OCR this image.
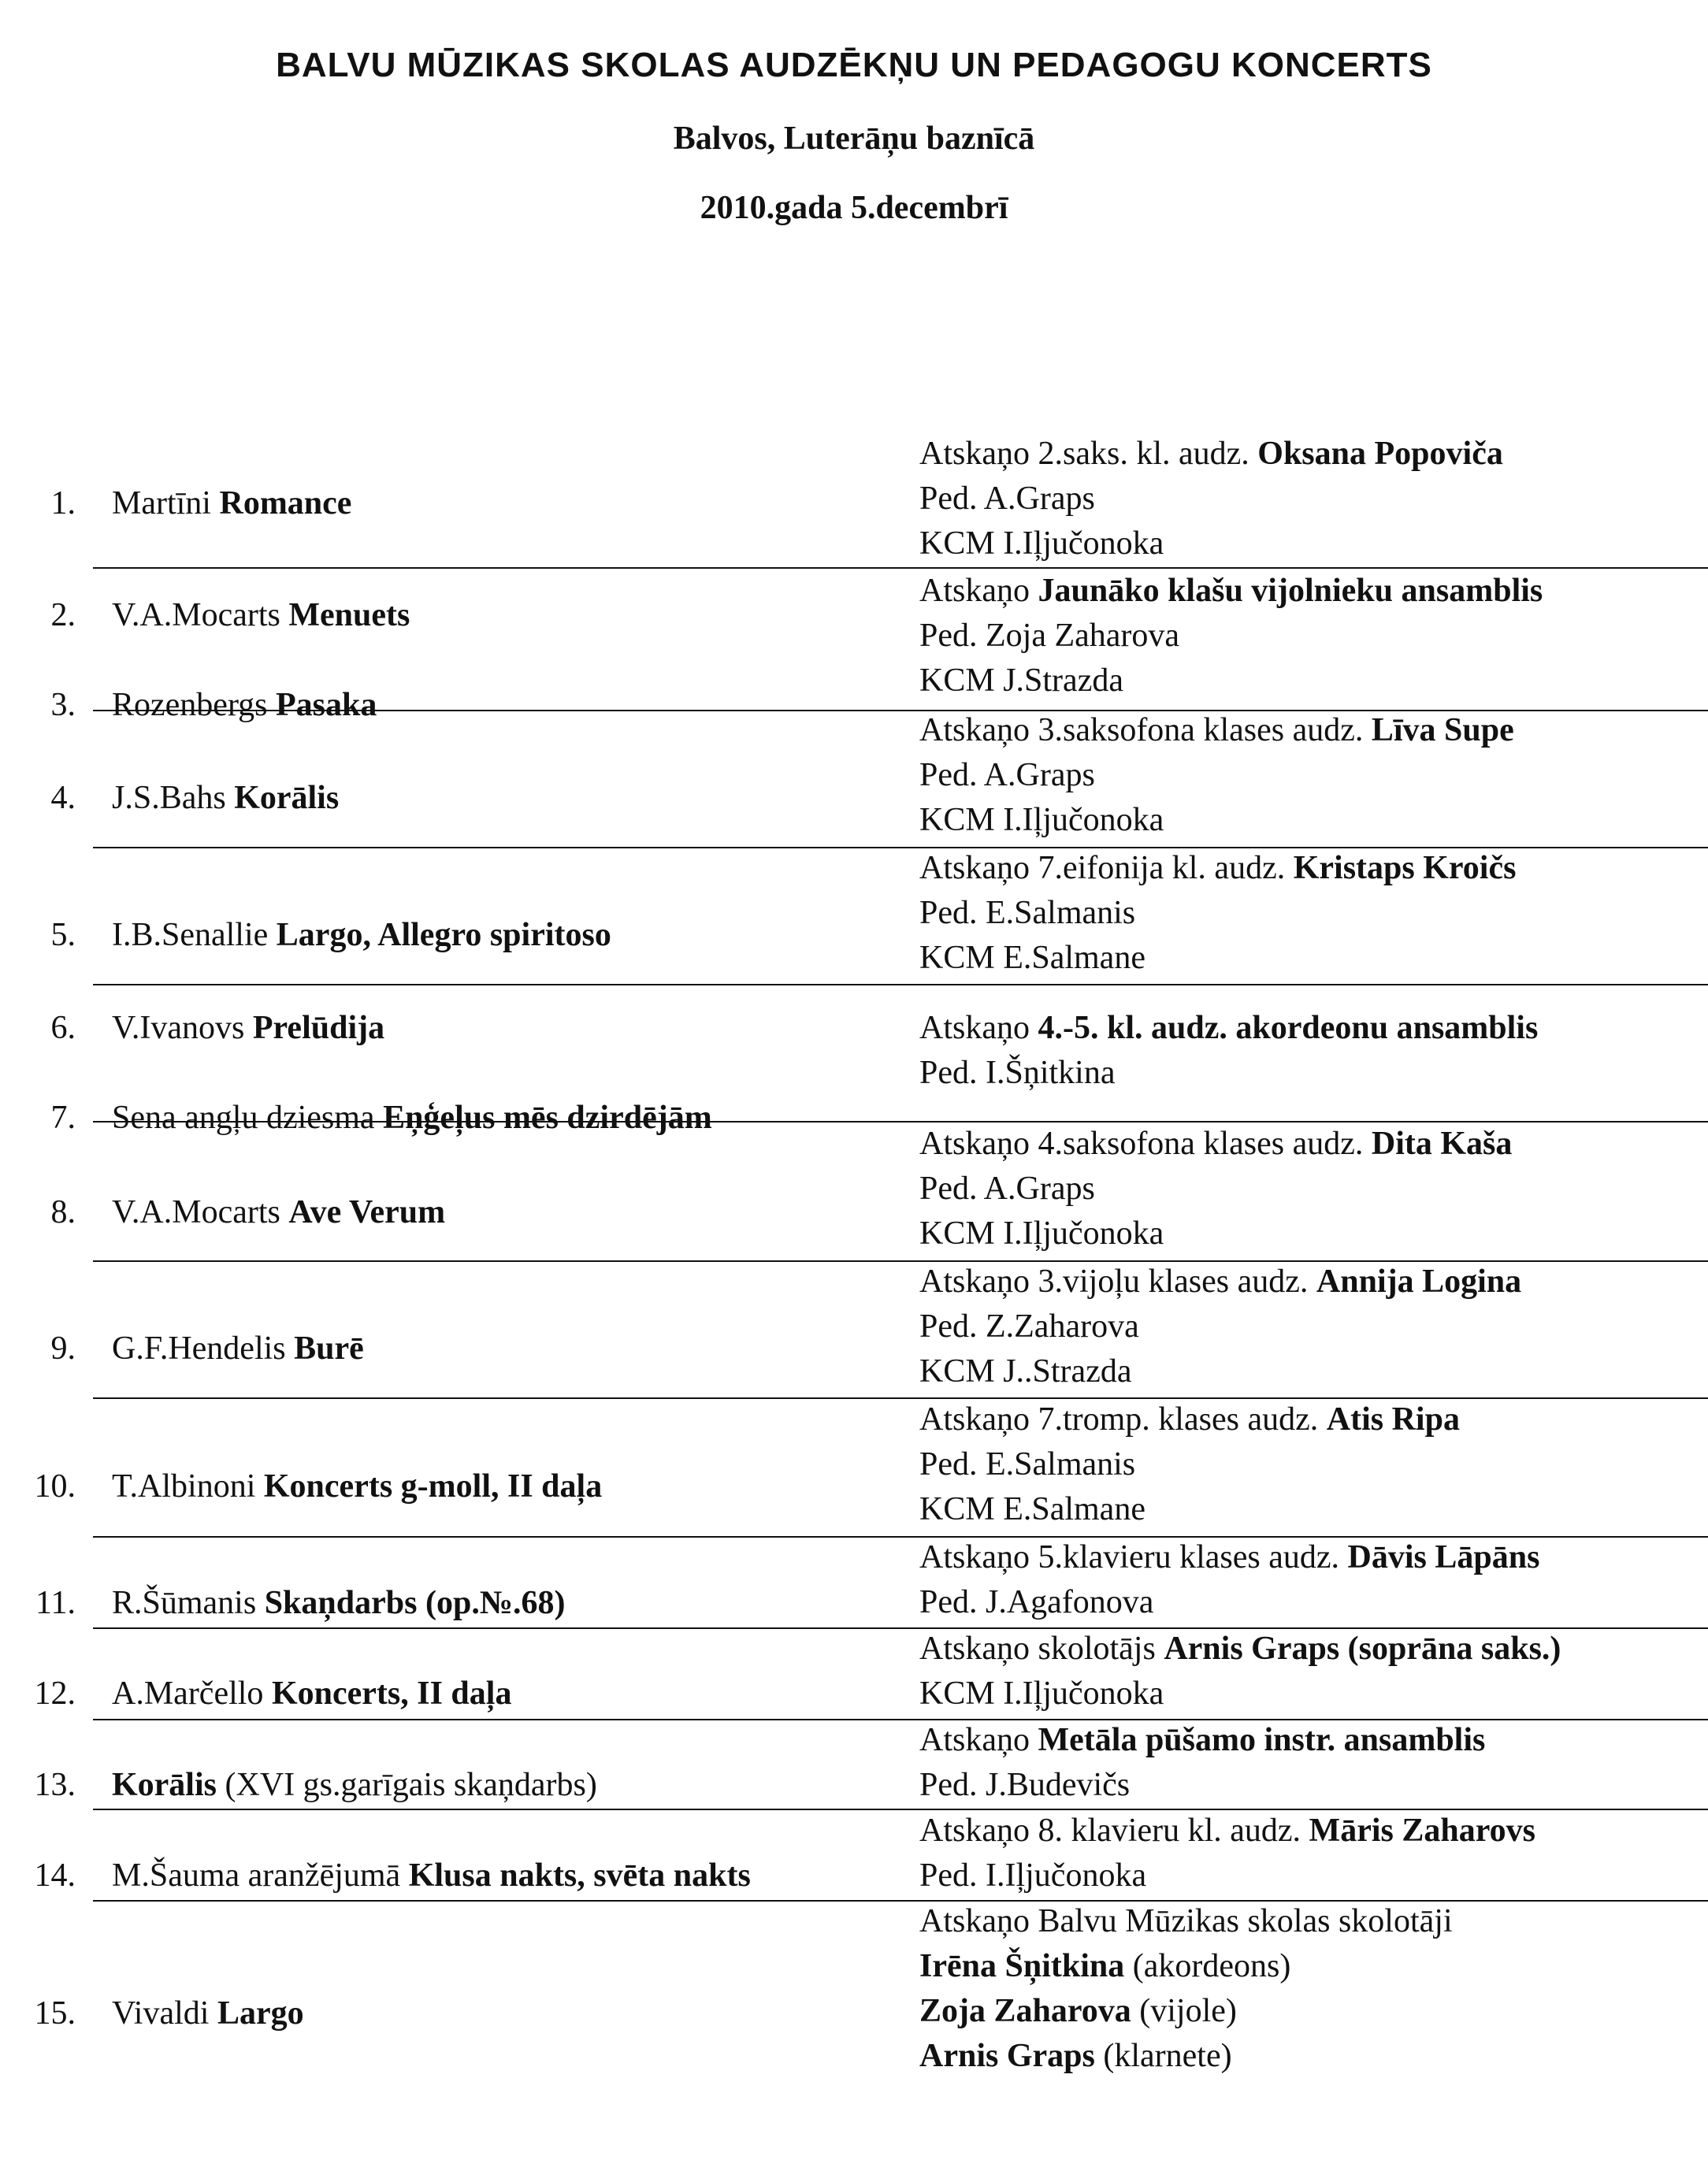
BALVU MŪZIKAS SKOLAS AUDZĒKŅU UN PEDAGOGU KONCERTS
Balvos, Luterāņu baznīcā
2010.gada 5.decembrī
1. Martīni Romance
Atskaņo 2.saks. kl. audz. Oksana Popoviča
Ped. A.Graps
KCM I.Iļjučonoka
2. V.A.Mocarts Menuets
3. Rozenbergs Pasaka
Atskaņo Jaunāko klašu vijolnieku ansamblis
Ped. Zoja Zaharova
KCM J.Strazda
4. J.S.Bahs Korālis
Atskaņo 3.saksofona klases audz. Līva Supe
Ped. A.Graps
KCM I.Iļjučonoka
5. I.B.Senallie Largo, Allegro spiritoso
Atskaņo 7.eifonija kl. audz. Kristaps Kroičs
Ped. E.Salmanis
KCM E.Salmane
6. V.Ivanovs Prelūdija
7. Sena angļu dziesma Eņģeļus mēs dzirdējām
Atskaņo 4.-5. kl. audz. akordeonu ansamblis
Ped. I.Šņitkina
8. V.A.Mocarts Ave Verum
Atskaņo 4.saksofona klases audz. Dita Kaša
Ped. A.Graps
KCM I.Iļjučonoka
9. G.F.Hendelis Burē
Atskaņo 3.vijoļu klases audz. Annija Logina
Ped. Z.Zaharova
KCM J..Strazda
10. T.Albinoni Koncerts g-moll, II daļa
Atskaņo 7.tromp. klases audz. Atis Ripa
Ped. E.Salmanis
KCM E.Salmane
11. R.Šūmanis Skaņdarbs (op.№.68)
Atskaņo 5.klavieru klases audz. Dāvis Lāpāns
Ped. J.Agafonova
12. A.Marčello Koncerts, II daļa
Atskaņo skolotājs Arnis Graps (soprāna saks.)
KCM I.Iļjučonoka
13. Korālis (XVI gs.garīgais skaņdarbs)
Atskaņo Metāla pūšamo instr. ansamblis
Ped. J.Budevičs
14. M.Šauma aranžējumā Klusa nakts, svēta nakts
Atskaņo 8. klavieru kl. audz. Māris Zaharovs
Ped. I.Iļjučonoka
15. Vivaldi Largo
Atskaņo Balvu Mūzikas skolas skolotāji
Irēna Šņitkina (akordeons)
Zoja Zaharova (vijole)
Arnis Graps (klarnete)
